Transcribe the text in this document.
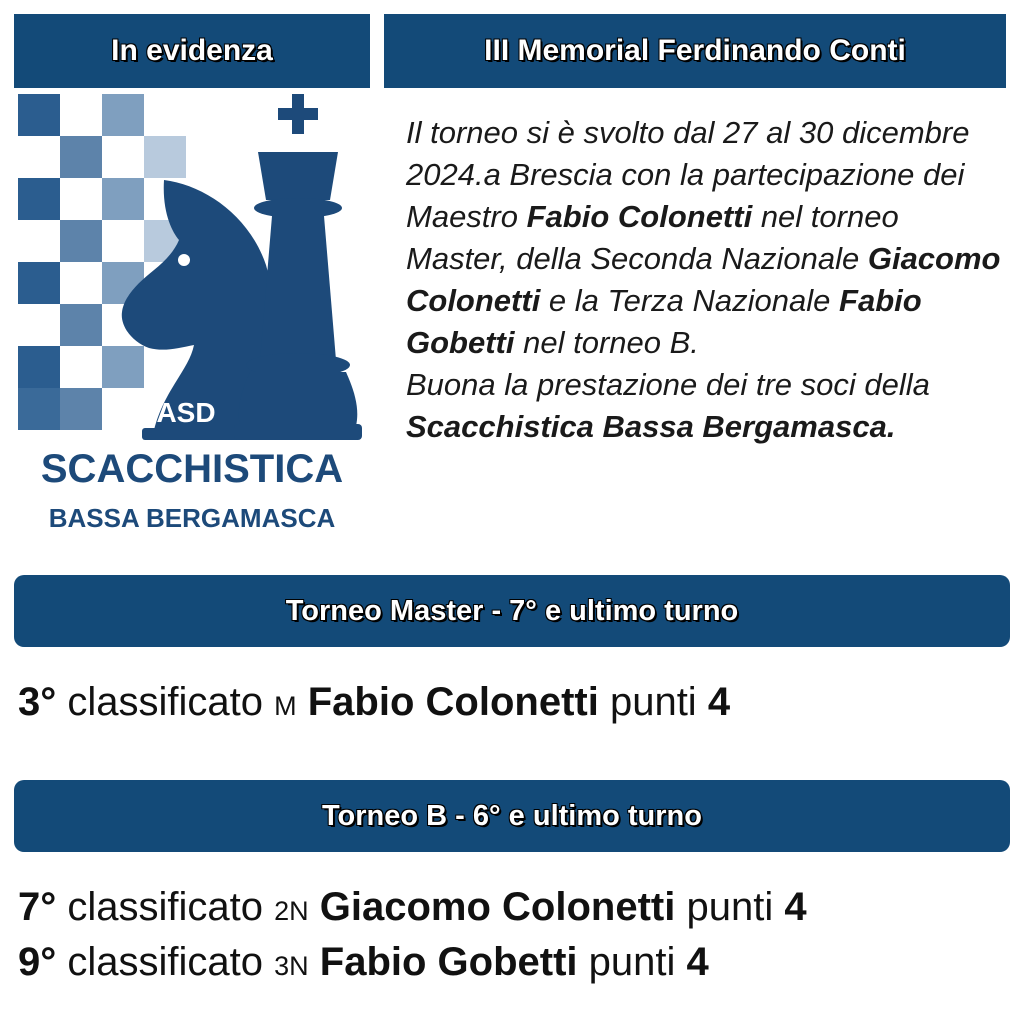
In evidenza	III Memorial Ferdinando Conti
ASD
SCACCHISTICA
BASSA BERGAMASCA

Il torneo si è svolto dal 27 al 30 dicembre 2024.a Brescia con la partecipazione dei Maestro Fabio Colonetti nel torneo Master, della Seconda Nazionale Giacomo Colonetti e la Terza Nazionale Fabio Gobetti nel torneo B.
Buona la prestazione dei tre soci della Scacchistica Bassa Bergamasca.

Torneo Master - 7° e ultimo turno
3° classificato M Fabio Colonetti punti 4
Torneo B - 6° e ultimo turno
7° classificato 2N Giacomo Colonetti punti 4
9° classificato 3N Fabio Gobetti punti 4
